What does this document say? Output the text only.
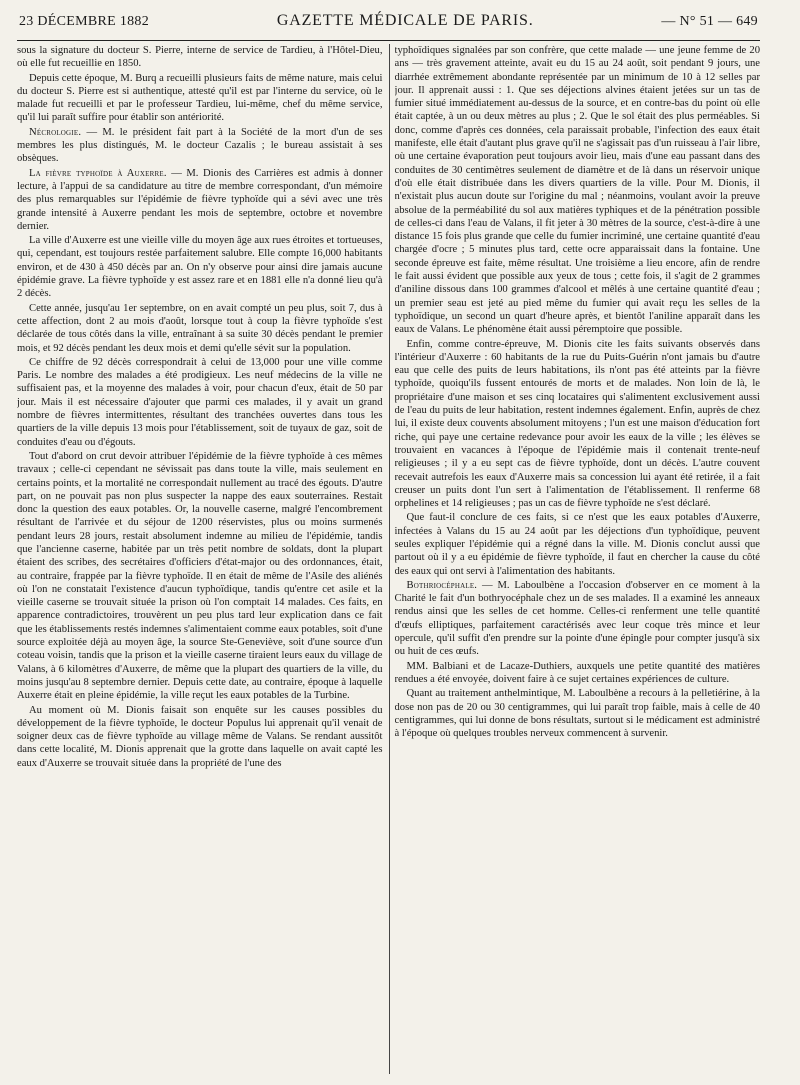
23 DÉCEMBRE 1882	GAZETTE MÉDICALE DE PARIS.	— N° 51 — 649

sous la signature du docteur S. Pierre, interne de service de Tardieu, à l'Hôtel-Dieu, où elle fut recueillie en 1850.

Depuis cette époque, M. Burq a recueilli plusieurs faits de même nature, mais celui du docteur S. Pierre est si authentique, attesté qu'il est par l'interne du service, où le malade fut recueilli et par le professeur Tardieu, lui-même, chef du même service, qu'il lui paraît suffire pour établir son antériorité.

Nécrologie. — M. le président fait part à la Société de la mort d'un de ses membres les plus distingués, M. le docteur Cazalis ; le bureau assistait à ses obsèques.

La fièvre typhoïde à Auxerre. — M. Dionis des Carrières est admis à donner lecture, à l'appui de sa candidature au titre de membre correspondant, d'un mémoire des plus remarquables sur l'épidémie de fièvre typhoïde qui a sévi avec une très grande intensité à Auxerre pendant les mois de septembre, octobre et novembre dernier.

La ville d'Auxerre est une vieille ville du moyen âge aux rues étroites et tortueuses, qui, cependant, est toujours restée parfaitement salubre. Elle compte 16,000 habitants environ, et de 430 à 450 décès par an. On n'y observe pour ainsi dire jamais aucune épidémie grave. La fièvre typhoïde y est assez rare et en 1881 elle n'a donné lieu qu'à 2 décès.

Cette année, jusqu'au 1er septembre, on en avait compté un peu plus, soit 7, dus à cette affection, dont 2 au mois d'août, lorsque tout à coup la fièvre typhoïde s'est déclarée de tous côtés dans la ville, entraînant à sa suite 30 décès pendant le premier mois, et 92 décès pendant les deux mois et demi qu'elle sévit sur la population.

Ce chiffre de 92 décès correspondrait à celui de 13,000 pour une ville comme Paris. Le nombre des malades a été prodigieux. Les neuf médecins de la ville ne suffisaient pas, et la moyenne des malades à voir, pour chacun d'eux, était de 50 par jour. Mais il est nécessaire d'ajouter que parmi ces malades, il y avait un grand nombre de fièvres intermittentes, résultant des tranchées ouvertes dans tous les quartiers de la ville depuis 13 mois pour l'établissement, soit de tuyaux de gaz, soit de conduites d'eau ou d'égouts.

Tout d'abord on crut devoir attribuer l'épidémie de la fièvre typhoïde à ces mêmes travaux ; celle-ci cependant ne sévissait pas dans toute la ville, mais seulement en certains points, et la mortalité ne correspondait nullement au tracé des égouts. D'autre part, on ne pouvait pas non plus suspecter la nappe des eaux souterraines. Restait donc la question des eaux potables. Or, la nouvelle caserne, malgré l'encombrement résultant de l'arrivée et du séjour de 1200 réservistes, plus ou moins surmenés pendant leurs 28 jours, restait absolument indemne au milieu de l'épidémie, tandis que l'ancienne caserne, habitée par un très petit nombre de soldats, dont la plupart étaient des scribes, des secrétaires d'officiers d'état-major ou des ordonnances, était, au contraire, frappée par la fièvre typhoïde. Il en était de même de l'Asile des aliénés où l'on ne constatait l'existence d'aucun typhoïdique, tandis qu'entre cet asile et la vieille caserne se trouvait située la prison où l'on comptait 14 malades. Ces faits, en apparence contradictoires, trouvèrent un peu plus tard leur explication dans ce fait que les établissements restés indemnes s'alimentaient comme eaux potables, soit d'une source exploitée déjà au moyen âge, la source Ste-Geneviève, soit d'une source d'un coteau voisin, tandis que la prison et la vieille caserne tiraient leurs eaux du village de Valans, à 6 kilomètres d'Auxerre, de même que la plupart des quartiers de la ville, du moins jusqu'au 8 septembre dernier. Depuis cette date, au contraire, époque à laquelle Auxerre était en pleine épidémie, la ville reçut les eaux potables de la Turbine.

Au moment où M. Dionis faisait son enquête sur les causes possibles du développement de la fièvre typhoïde, le docteur Populus lui apprenait qu'il venait de soigner deux cas de fièvre typhoïde au village même de Valans. Se rendant aussitôt dans cette localité, M. Dionis apprenait que la grotte dans laquelle on avait capté les eaux d'Auxerre se trouvait située dans la propriété de l'une des

typhoïdiques signalées par son confrère, que cette malade — une jeune femme de 20 ans — très gravement atteinte, avait eu du 15 au 24 août, soit pendant 9 jours, une diarrhée extrêmement abondante représentée par un minimum de 10 à 12 selles par jour. Il apprenait aussi : 1. Que ses déjections alvines étaient jetées sur un tas de fumier situé immédiatement au-dessus de la source, et en contre-bas du point où elle était captée, à un ou deux mètres au plus ; 2. Que le sol était des plus perméables. Si donc, comme d'après ces données, cela paraissait probable, l'infection des eaux était manifeste, elle était d'autant plus grave qu'il ne s'agissait pas d'un ruisseau à l'air libre, où une certaine évaporation peut toujours avoir lieu, mais d'une eau passant dans des conduites de 30 centimètres seulement de diamètre et de là dans un réservoir unique d'où elle était distribuée dans les divers quartiers de la ville. Pour M. Dionis, il n'existait plus aucun doute sur l'origine du mal ; néanmoins, voulant avoir la preuve absolue de la perméabilité du sol aux matières typhiques et de la pénétration possible de celles-ci dans l'eau de Valans, il fit jeter à 30 mètres de la source, c'est-à-dire à une distance 15 fois plus grande que celle du fumier incriminé, une certaine quantité d'eau chargée d'ocre ; 5 minutes plus tard, cette ocre apparaissait dans la fontaine. Une seconde épreuve est faite, même résultat. Une troisième a lieu encore, afin de rendre le fait aussi évident que possible aux yeux de tous ; cette fois, il s'agit de 2 grammes d'aniline dissous dans 100 grammes d'alcool et mêlés à une certaine quantité d'eau ; un premier seau est jeté au pied même du fumier qui avait reçu les selles de la typhoïdique, un second un quart d'heure après, et bientôt l'aniline apparaît dans les eaux de Valans. Le phénomène était aussi péremptoire que possible.

Enfin, comme contre-épreuve, M. Dionis cite les faits suivants observés dans l'intérieur d'Auxerre : 60 habitants de la rue du Puits-Guérin n'ont jamais bu d'autre eau que celle des puits de leurs habitations, ils n'ont pas été atteints par la fièvre typhoïde, quoiqu'ils fussent entourés de morts et de malades. Non loin de là, le propriétaire d'une maison et ses cinq locataires qui s'alimentent exclusivement aussi de l'eau du puits de leur habitation, restent indemnes également. Enfin, auprès de chez lui, il existe deux couvents absolument mitoyens ; l'un est une maison d'éducation fort riche, qui paye une certaine redevance pour avoir les eaux de la ville ; les élèves se trouvaient en vacances à l'époque de l'épidémie mais il contenait trente-neuf religieuses ; il y a eu sept cas de fièvre typhoïde, dont un décès. L'autre couvent recevait autrefois les eaux d'Auxerre mais sa concession lui ayant été retirée, il a fait creuser un puits dont l'un sert à l'alimentation de l'établissement. Il renferme 68 orphelines et 14 religieuses ; pas un cas de fièvre typhoïde ne s'est déclaré.

Que faut-il conclure de ces faits, si ce n'est que les eaux potables d'Auxerre, infectées à Valans du 15 au 24 août par les déjections d'un typhoïdique, peuvent seules expliquer l'épidémie qui a régné dans la ville. M. Dionis conclut aussi que partout où il y a eu épidémie de fièvre typhoïde, il faut en chercher la cause du côté des eaux qui ont servi à l'alimentation des habitants.

Bothriocéphale. — M. Laboulbène a l'occasion d'observer en ce moment à la Charité le fait d'un bothryocéphale chez un de ses malades. Il a examiné les anneaux rendus ainsi que les selles de cet homme. Celles-ci renferment une telle quantité d'œufs elliptiques, parfaitement caractérisés avec leur coque très mince et leur opercule, qu'il suffit d'en prendre sur la pointe d'une épingle pour compter jusqu'à six ou huit de ces œufs.

MM. Balbiani et de Lacaze-Duthiers, auxquels une petite quantité des matières rendues a été envoyée, doivent faire à ce sujet certaines expériences de culture.

Quant au traitement anthelmintique, M. Laboulbène a recours à la pelletiérine, à la dose non pas de 20 ou 30 centigrammes, qui lui paraît trop faible, mais à celle de 40 centigrammes, qui lui donne de bons résultats, surtout si le médicament est administré à l'époque où quelques troubles nerveux commencent à survenir.
